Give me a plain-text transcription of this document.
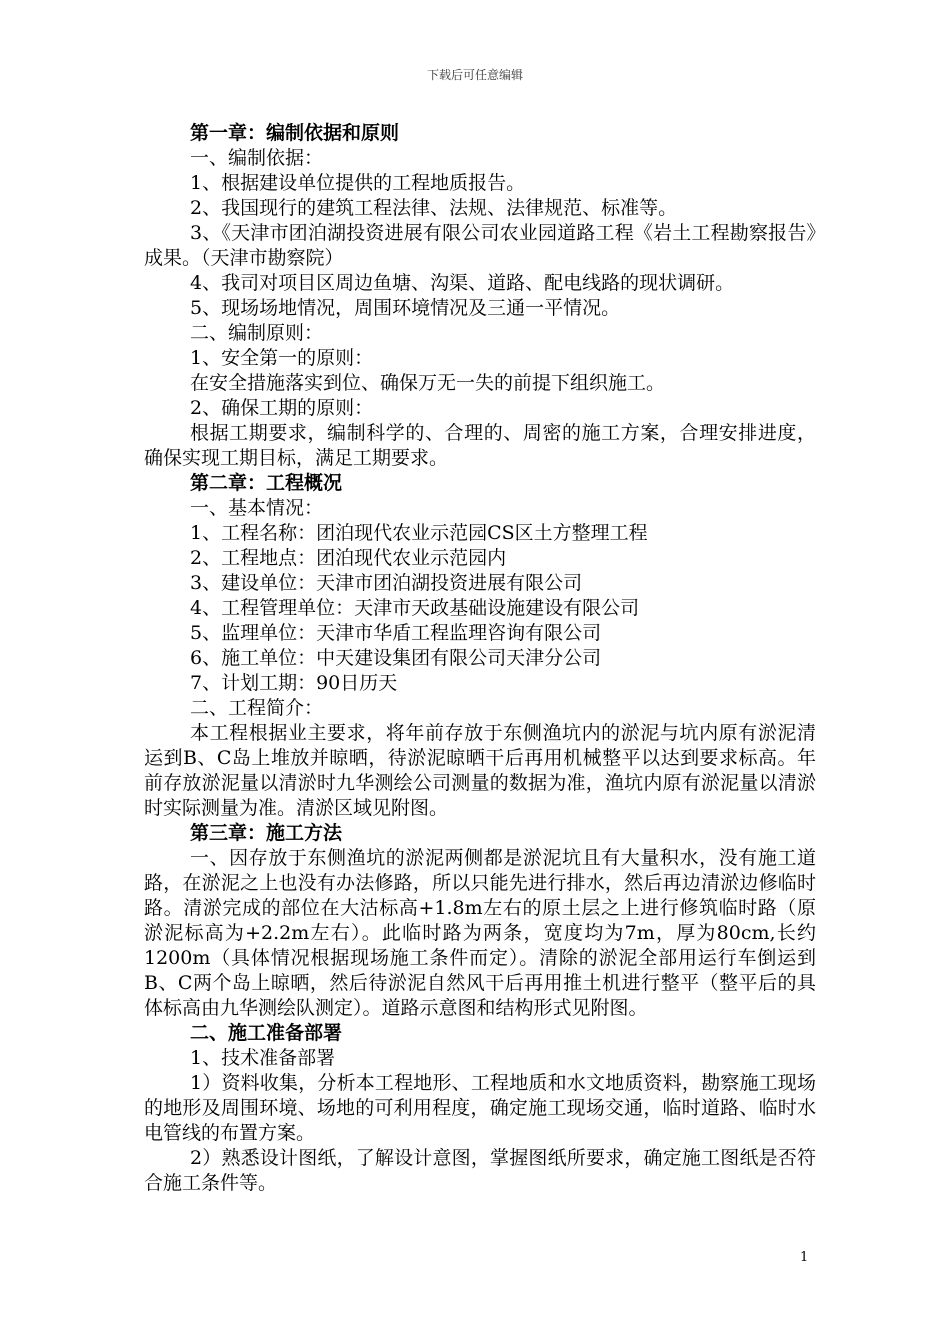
下载后可任意编辑

第一章：编制依据和原则

一、编制依据：

1、根据建设单位提供的工程地质报告。

2、我国现行的建筑工程法律、法规、法律规范、标准等。

3、《天津市团泊湖投资进展有限公司农业园道路工程《岩土工程勘察报告》成果。（天津市勘察院）

4、我司对项目区周边鱼塘、沟渠、道路、配电线路的现状调研。

5、现场场地情况，周围环境情况及三通一平情况。

二、编制原则：

1、安全第一的原则：

在安全措施落实到位、确保万无一失的前提下组织施工。

2、确保工期的原则：

根据工期要求，编制科学的、合理的、周密的施工方案，合理安排进度，确保实现工期目标，满足工期要求。

第二章：工程概况

一、基本情况：

1、工程名称：团泊现代农业示范园CS区土方整理工程

2、工程地点：团泊现代农业示范园内

3、建设单位：天津市团泊湖投资进展有限公司

4、工程管理单位：天津市天政基础设施建设有限公司

5、监理单位：天津市华盾工程监理咨询有限公司

6、施工单位：中天建设集团有限公司天津分公司

7、计划工期：90日历天

二、工程简介：

本工程根据业主要求，将年前存放于东侧渔坑内的淤泥与坑内原有淤泥清运到B、C岛上堆放并晾晒，待淤泥晾晒干后再用机械整平以达到要求标高。年前存放淤泥量以清淤时九华测绘公司测量的数据为准，渔坑内原有淤泥量以清淤时实际测量为准。清淤区域见附图。

第三章：施工方法

一、因存放于东侧渔坑的淤泥两侧都是淤泥坑且有大量积水，没有施工道路，在淤泥之上也没有办法修路，所以只能先进行排水，然后再边清淤边修临时路。清淤完成的部位在大沽标高+1.8m左右的原土层之上进行修筑临时路（原淤泥标高为+2.2m左右）。此临时路为两条，宽度均为7m，厚为80cm,长约1200m（具体情况根据现场施工条件而定）。清除的淤泥全部用运行车倒运到B、C两个岛上晾晒，然后待淤泥自然风干后再用推土机进行整平（整平后的具体标高由九华测绘队测定）。道路示意图和结构形式见附图。

二、施工准备部署

1、技术准备部署

1）资料收集，分析本工程地形、工程地质和水文地质资料，勘察施工现场的地形及周围环境、场地的可利用程度，确定施工现场交通，临时道路、临时水电管线的布置方案。

2）熟悉设计图纸，了解设计意图，掌握图纸所要求，确定施工图纸是否符合施工条件等。

1
